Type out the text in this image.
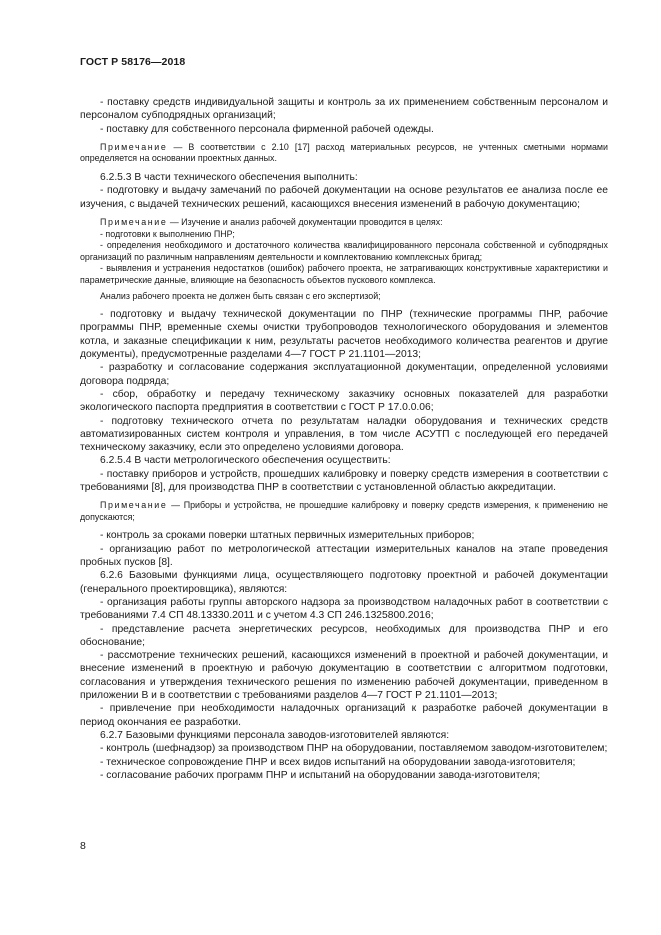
ГОСТ Р 58176—2018

- поставку средств индивидуальной защиты и контроль за их применением собственным персоналом и персоналом субподрядных организаций;

- поставку для собственного персонала фирменной рабочей одежды.

Примечание — В соответствии с 2.10 [17] расход материальных ресурсов, не учтенных сметными нормами определяется на основании проектных данных.

6.2.5.3 В части технического обеспечения выполнить:

- подготовку и выдачу замечаний по рабочей документации на основе результатов ее анализа после ее изучения, с выдачей технических решений, касающихся внесения изменений в рабочую документацию;

Примечание — Изучение и анализ рабочей документации проводится в целях:

- подготовки к выполнению ПНР;

- определения необходимого и достаточного количества квалифицированного персонала собственной и субподрядных организаций по различным направлениям деятельности и комплектованию комплексных бригад;

- выявления и устранения недостатков (ошибок) рабочего проекта, не затрагивающих конструктивные характеристики и параметрические данные, влияющие на безопасность объектов пускового комплекса.

Анализ рабочего проекта не должен быть связан с его экспертизой;

- подготовку и выдачу технической документации по ПНР (технические программы ПНР, рабочие программы ПНР, временные схемы очистки трубопроводов технологического оборудования и элементов котла, и заказные спецификации к ним, результаты расчетов необходимого количества реагентов и другие документы), предусмотренные разделами 4—7 ГОСТ Р 21.1101—2013;

- разработку и согласование содержания эксплуатационной документации, определенной условиями договора подряда;

- сбор, обработку и передачу техническому заказчику основных показателей для разработки экологического паспорта предприятия в соответствии с ГОСТ Р 17.0.0.06;

- подготовку технического отчета по результатам наладки оборудования и технических средств автоматизированных систем контроля и управления, в том числе АСУТП с последующей его передачей техническому заказчику, если это определено условиями договора.

6.2.5.4 В части метрологического обеспечения осуществить:

- поставку приборов и устройств, прошедших калибровку и поверку средств измерения в соответствии с требованиями [8], для производства ПНР в соответствии с установленной областью аккредитации.

Примечание — Приборы и устройства, не прошедшие калибровку и поверку средств измерения, к применению не допускаются;

- контроль за сроками поверки штатных первичных измерительных приборов;

- организацию работ по метрологической аттестации измерительных каналов на этапе проведения пробных пусков [8].

6.2.6 Базовыми функциями лица, осуществляющего подготовку проектной и рабочей документации (генерального проектировщика), являются:

- организация работы группы авторского надзора за производством наладочных работ в соответствии с требованиями 7.4 СП 48.13330.2011 и с учетом 4.3 СП 246.1325800.2016;

- представление расчета энергетических ресурсов, необходимых для производства ПНР и его обоснование;

- рассмотрение технических решений, касающихся изменений в проектной и рабочей документации, и внесение изменений в проектную и рабочую документацию в соответствии с алгоритмом подготовки, согласования и утверждения технического решения по изменению рабочей документации, приведенном в приложении В и в соответствии с требованиями разделов 4—7 ГОСТ Р 21.1101—2013;

- привлечение при необходимости наладочных организаций к разработке рабочей документации в период окончания ее разработки.

6.2.7 Базовыми функциями персонала заводов-изготовителей являются:

- контроль (шефнадзор) за производством ПНР на оборудовании, поставляемом заводом-изготовителем;

- техническое сопровождение ПНР и всех видов испытаний на оборудовании завода-изготовителя;

- согласование рабочих программ ПНР и испытаний на оборудовании завода-изготовителя;

8
